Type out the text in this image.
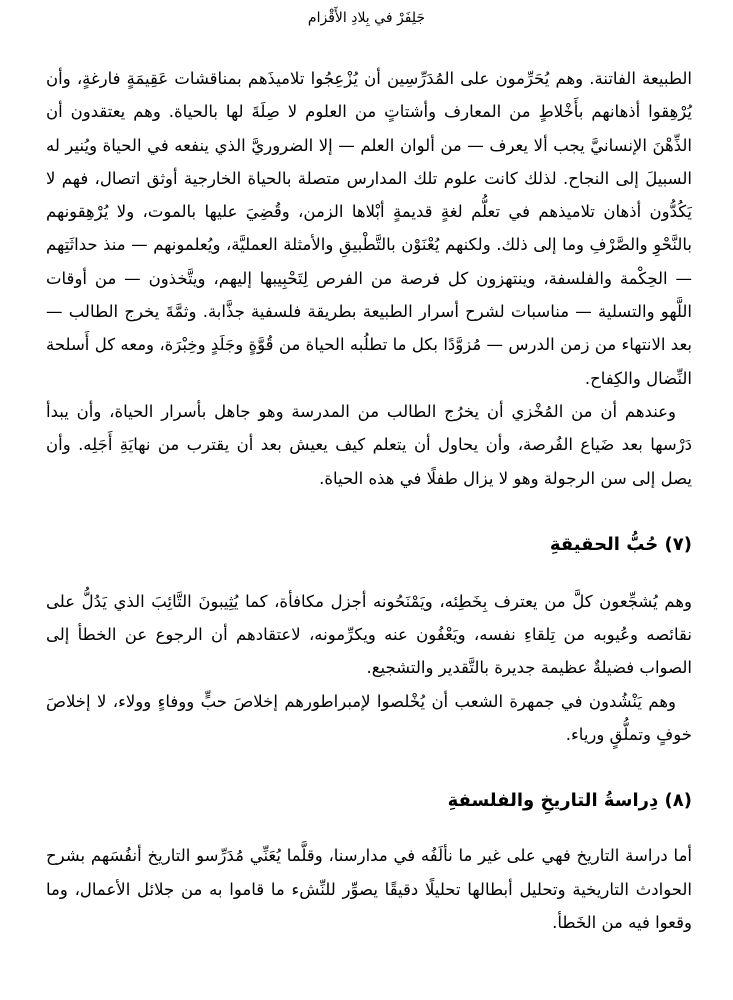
جَلِفَرْ في بِلادِ الأَقْزام

الطبيعة الفاتنة. وهم يُحَرِّمون على المُدَرِّسِين أن يُزْعِجُوا تلاميذَهم بمناقشات عَقِيمَةٍ فارغةٍ، وأن يُرْهِقوا أذهانهم بأَخْلاطٍ من المعارف وأشتاتٍ من العلوم لا صِلَةَ لها بالحياة. وهم يعتقدون أن الذِّهْنَ الإنسانيَّ يجب ألا يعرف — من ألوان العلم — إلا الضروريَّ الذي ينفعه في الحياة ويُنير له السبيلَ إلى النجاح. لذلك كانت علوم تلك المدارس متصلة بالحياة الخارجية أوثق اتصال، فهم لا يَكُدُّون أذهان تلاميذهم في تعلُّم لغةٍ قديمةٍ أبْلاها الزمن، وقُضِيَ عليها بالموت، ولا يُرْهِقونهم بالنَّحْوِ والصَّرْفِ وما إلى ذلك. ولكنهم يُعْنَوْن بالتَّطْبيقِ والأمثلة العمليَّة، ويُعلمونهم — منذ حداثَتِهم — الحِكْمة والفلسفة، وينتهزون كل فرصة من الفرص لِتَحْبِيبها إليهم، ويتَّخذون — من أوقات اللَّهو والتسلية — مناسبات لشرح أسرار الطبيعة بطريقة فلسفية جذَّابة. وثمَّةَ يخرج الطالب — بعد الانتهاء من زمن الدرس — مُزوَّدًا بكل ما تطلُبه الحياة من قُوَّةٍ وجَلَدٍ وخِبْرَة، ومعه كل أَسلحة النِّضال والكِفاح.

وعندهم أن من المُخْزي أن يخرُج الطالب من المدرسة وهو جاهل بأسرار الحياة، وأن يبدأ دَرْسها بعد ضَياع الفُرصة، وأن يحاول أن يتعلم كيف يعيش بعد أن يقترب من نهايَةِ أَجَلِه. وأن يصل إلى سن الرجولة وهو لا يزال طفلًا في هذه الحياة.

(٧) حُبُّ الحقيقةِ

وهم يُشجِّعون كلَّ من يعترف بِخَطِئه، ويَمْنَحُونه أجزل مكافأة، كما يُثِيبونَ التَّائِبَ الذي يَدُلُّ على نقائصه وعُيوبه من تِلقاءِ نفسه، ويَعْفُون عنه ويكرِّمونه، لاعتقادهم أن الرجوع عن الخطأ إلى الصواب فضيلةٌ عظيمة جديرة بالتَّقدير والتشجيع.

وهم يَنْشُدون في جمهرة الشعب أن يُخْلصوا لإمبراطورهم إخلاصَ حبٍّ ووفاءٍ وولاء، لا إخلاصَ خوفٍ وتملُّقٍ ورياء.

(٨) دِراسةُ التاريخِ والفلسفةِ

أما دراسة التاريخ فهي على غير ما نألَفُه في مدارسنا، وقلَّما يُعَنِّي مُدَرِّسو التاريخ أنفُسَهم بشرح الحوادث التاريخية وتحليل أبطالها تحليلًا دقيقًا يصوِّر للنِّشء ما قاموا به من جلائل الأعمال، وما وقعوا فيه من الخَطأ.
